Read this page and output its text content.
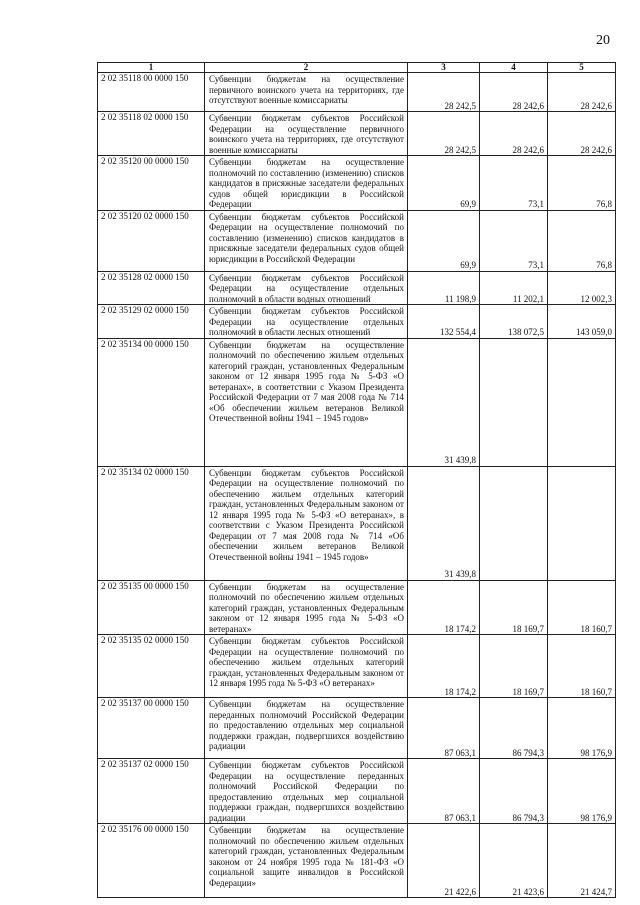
20
1	2	3	4	5
2 02 35118 00 0000 150	Субвенции бюджетам на осуществление первичного воинского учета на территориях, где отсутствуют военные комиссариаты	28 242,5	28 242,6	28 242,6
2 02 35118 02 0000 150	Субвенции бюджетам субъектов Российской Федерации на осуществление первичного воинского учета на территориях, где отсутствуют военные комиссариаты	28 242,5	28 242,6	28 242,6
2 02 35120 00 0000 150	Субвенции бюджетам на осуществление полномочий по составлению (изменению) списков кандидатов в присяжные заседатели федеральных судов общей юрисдикции в Российской Федерации	69,9	73,1	76,8
2 02 35120 02 0000 150	Субвенции бюджетам субъектов Российской Федерации на осуществление полномочий по составлению (изменению) списков кандидатов в присяжные заседатели федеральных судов общей юрисдикции в Российской Федерации	69,9	73,1	76,8
2 02 35128 02 0000 150	Субвенции бюджетам субъектов Российской Федерации на осуществление отдельных полномочий в области водных отношений	11 198,9	11 202,1	12 002,3
2 02 35129 02 0000 150	Субвенции бюджетам субъектов Российской Федерации на осуществление отдельных полномочий в области лесных отношений	132 554,4	138 072,5	143 059,0
2 02 35134 00 0000 150	Субвенции бюджетам на осуществление полномочий по обеспечению жильем отдельных категорий граждан, установленных Федеральным законом от 12 января 1995 года № 5-ФЗ «О ветеранах», в соответствии с Указом Президента Российской Федерации от 7 мая 2008 года № 714 «Об обеспечении жильем ветеранов Великой Отечественной войны 1941 – 1945 годов»	31 439,8		
2 02 35134 02 0000 150	Субвенции бюджетам субъектов Российской Федерации на осуществление полномочий по обеспечению жильем отдельных категорий граждан, установленных Федеральным законом от 12 января 1995 года № 5-ФЗ «О ветеранах», в соответствии с Указом Президента Российской Федерации от 7 мая 2008 года № 714 «Об обеспечении жильем ветеранов Великой Отечественной войны 1941 – 1945 годов»	31 439,8		
2 02 35135 00 0000 150	Субвенции бюджетам на осуществление полномочий по обеспечению жильем отдельных категорий граждан, установленных Федеральным законом от 12 января 1995 года № 5-ФЗ «О ветеранах»	18 174,2	18 169,7	18 160,7
2 02 35135 02 0000 150	Субвенции бюджетам субъектов Российской Федерации на осуществление полномочий по обеспечению жильем отдельных категорий граждан, установленных Федеральным законом от 12 января 1995 года № 5-ФЗ «О ветеранах»	18 174,2	18 169,7	18 160,7
2 02 35137 00 0000 150	Субвенции бюджетам на осуществление переданных полномочий Российской Федерации по предоставлению отдельных мер социальной поддержки граждан, подвергшихся воздействию радиации	87 063,1	86 794,3	98 176,9
2 02 35137 02 0000 150	Субвенции бюджетам субъектов Российской Федерации на осуществление переданных полномочий Российской Федерации по предоставлению отдельных мер социальной поддержки граждан, подвергшихся воздействию радиации	87 063,1	86 794,3	98 176,9
2 02 35176 00 0000 150	Субвенции бюджетам на осуществление полномочий по обеспечению жильем отдельных категорий граждан, установленных Федеральным законом от 24 ноября 1995 года № 181-ФЗ «О социальной защите инвалидов в Российской Федерации»	21 422,6	21 423,6	21 424,7
